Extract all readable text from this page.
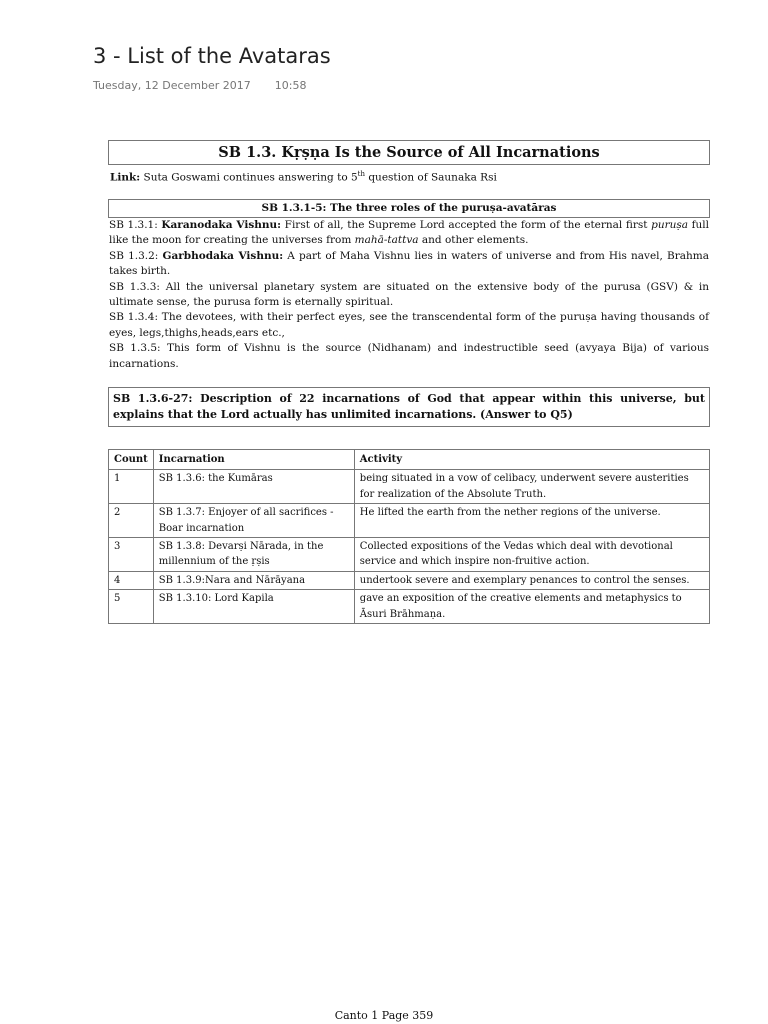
3 - List of the Avataras
Tuesday, 12 December 2017 10:58
SB 1.3. Kṛṣṇa Is the Source of All Incarnations
Link: Suta Goswami continues answering to 5th question of Saunaka Rsi
SB 1.3.1-5: The three roles of the puruṣa-avatāras
SB 1.3.1: Karanodaka Vishnu: First of all, the Supreme Lord accepted the form of the eternal first puruṣa full like the moon for creating the universes from mahā-tattva and other elements.
SB 1.3.2: Garbhodaka Vishnu: A part of Maha Vishnu lies in waters of universe and from His navel, Brahma takes birth.
SB 1.3.3: All the universal planetary system are situated on the extensive body of the purusa (GSV) & in ultimate sense, the purusa form is eternally spiritual.
SB 1.3.4: The devotees, with their perfect eyes, see the transcendental form of the puruṣa having thousands of eyes, legs,thighs,heads,ears etc.,
SB 1.3.5: This form of Vishnu is the source (Nidhanam) and indestructible seed (avyaya Bija) of various incarnations.
SB 1.3.6-27: Description of 22 incarnations of God that appear within this universe, but explains that the Lord actually has unlimited incarnations. (Answer to Q5)
Count	Incarnation	Activity
1	SB 1.3.6: the Kumāras	being situated in a vow of celibacy, underwent severe austerities for realization of the Absolute Truth.
2	SB 1.3.7: Enjoyer of all sacrifices - Boar incarnation	He lifted the earth from the nether regions of the universe.
3	SB 1.3.8: Devarṣi Nārada, in the millennium of the ṛṣis	Collected expositions of the Vedas which deal with devotional service and which inspire non-fruitive action.
4	SB 1.3.9:Nara and Nārāyana	undertook severe and exemplary penances to control the senses.
5	SB 1.3.10: Lord Kapila	gave an exposition of the creative elements and metaphysics to Āsuri Brāhmaṇa.
Canto 1 Page 359
